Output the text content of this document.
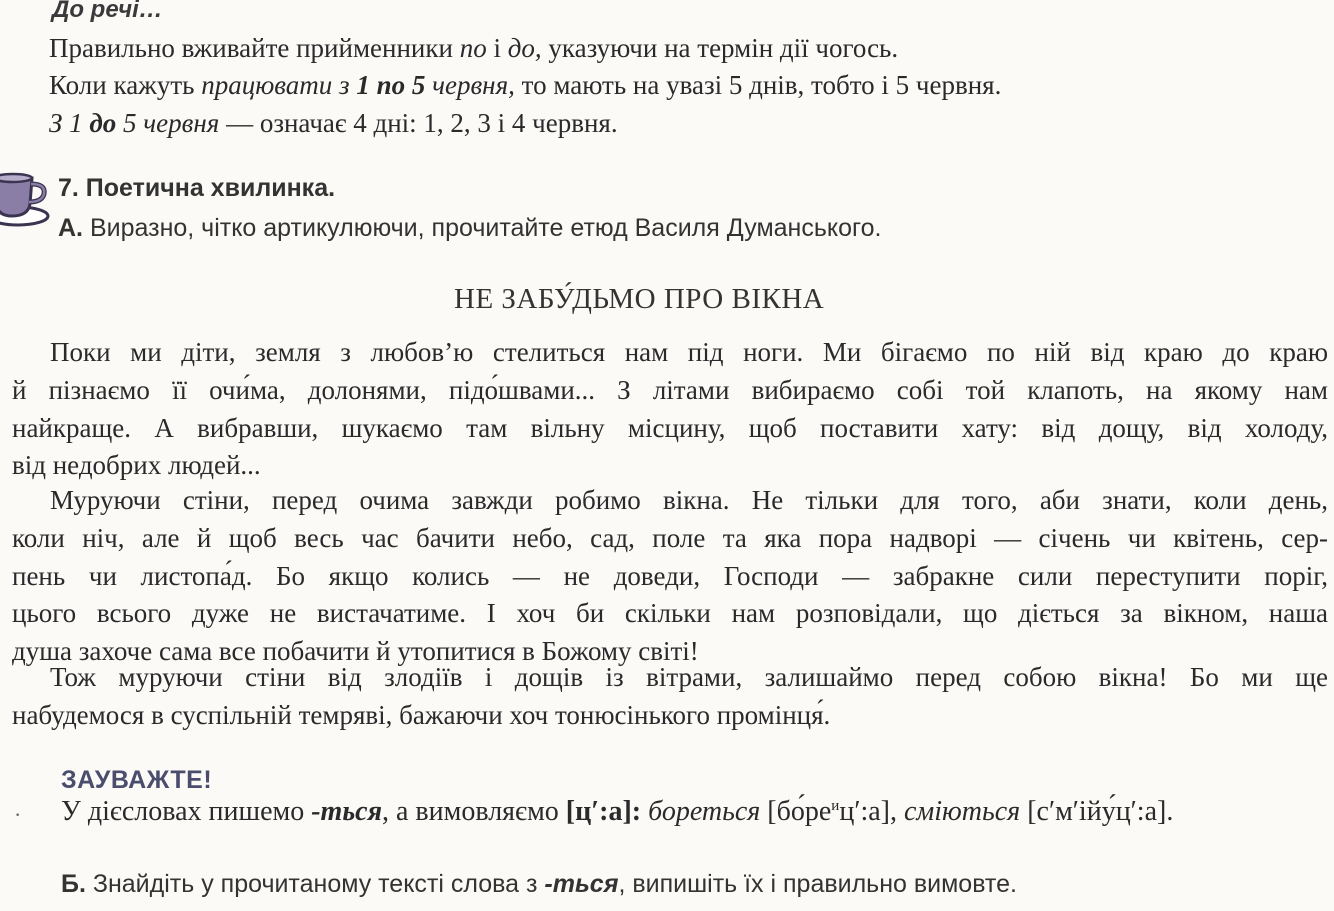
До речі…
Правильно вживайте прийменники по і до, указуючи на термін дії чогось.
Коли кажуть працювати з 1 по 5 червня, то мають на увазі 5 днів, тобто і 5 червня.
З 1 до 5 червня — означає 4 дні: 1, 2, 3 і 4 червня.
7. Поетична хвилинка.
А. Виразно, чітко артикулюючи, прочитайте етюд Василя Думанського.
НЕ ЗАБУ́ДЬМО ПРО ВІКНА
Поки ми діти, земля з любов’ю стелиться нам під ноги. Ми бігаємо по ній від краю до краю
й пізнаємо її очи́ма, долонями, підо́швами... З літами вибираємо собі той клапоть, на якому нам
найкраще. А вибравши, шукаємо там вільну місцину, щоб поставити хату: від дощу, від холоду,
від недобрих людей...
Муруючи стіни, перед очима завжди робимо вікна. Не тільки для того, аби знати, коли день,
коли ніч, але й щоб весь час бачити небо, сад, поле та яка пора надворі — січень чи квітень, сер-
пень чи листопа́д. Бо якщо колись — не доведи, Господи — забракне сили переступити поріг,
цього всього дуже не вистачатиме. І хоч би скільки нам розповідали, що діється за вікном, наша
душа захоче сама все побачити й утопитися в Божому світі!
Тож муруючи стіни від злодіїв і дощів із вітрами, залишаймо перед собою вікна! Бо ми ще
набудемося в суспільній темряві, бажаючи хоч тонюсінького промінця́.
ЗАУВАЖТЕ!
· У дієсловах пишемо -ться, а вимовляємо [ц′:а]: бореться $[бо́ре^иц':а]$, сміються [с′м′ійу́ц′:а].
Б. Знайдіть у прочитаному тексті слова з -ться, випишіть їх і правильно вимовте.
